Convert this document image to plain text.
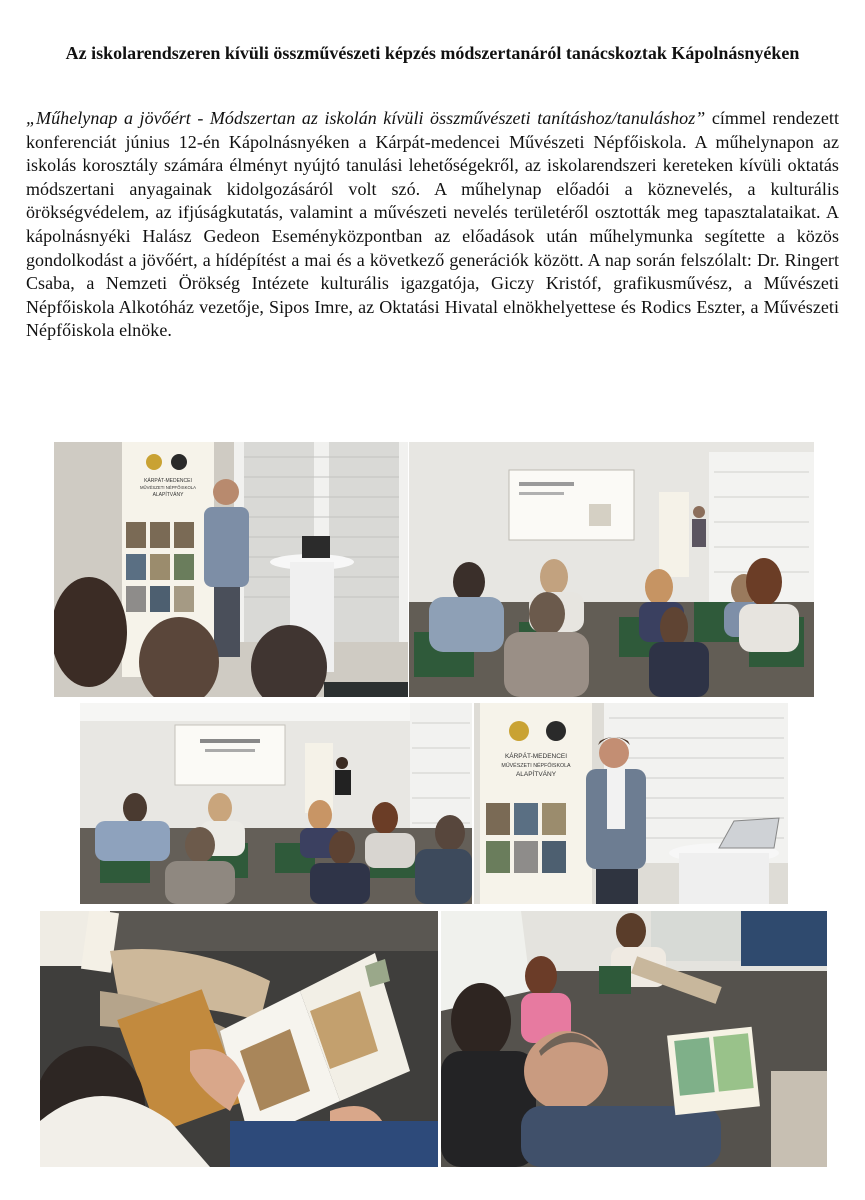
Az iskolarendszeren kívüli összművészeti képzés módszertanáról tanácskoztak Kápolnásnyéken

„Műhelynap a jövőért - Módszertan az iskolán kívüli összművészeti tanításhoz/tanuláshoz” címmel rendezett konferenciát június 12-én Kápolnásnyéken a Kárpát-medencei Művészeti Népfőiskola. A műhelynapon az iskolás korosztály számára élményt nyújtó tanulási lehetőségekről, az iskolarendszeri kereteken kívüli oktatás módszertani anyagainak kidolgozásáról volt szó. A műhelynap előadói a köznevelés, a kulturális örökségvédelem, az ifjúságkutatás, valamint a művészeti nevelés területéről osztották meg tapasztalataikat. A kápolnásnyéki Halász Gedeon Eseményközpontban az előadások után műhelymunka segítette a közös gondolkodást a jövőért, a hídépítést a mai és a következő generációk között. A nap során felszólalt: Dr. Ringert Csaba, a Nemzeti Örökség Intézete kulturális igazgatója, Giczy Kristóf, grafikusművész, a Művészeti Népfőiskola Alkotóház vezetője, Sipos Imre, az Oktatási Hivatal elnökhelyettese és Rodics Eszter, a Művészeti Népfőiskola elnöke.

KÁRPÁT-MEDENCEI
MŰVÉSZETI NÉPFŐISKOLA
ALAPÍTVÁNY
KÁRPÁT-MEDENCEI
MŰVÉSZETI NÉPFŐISKOLA
ALAPÍTVÁNY
